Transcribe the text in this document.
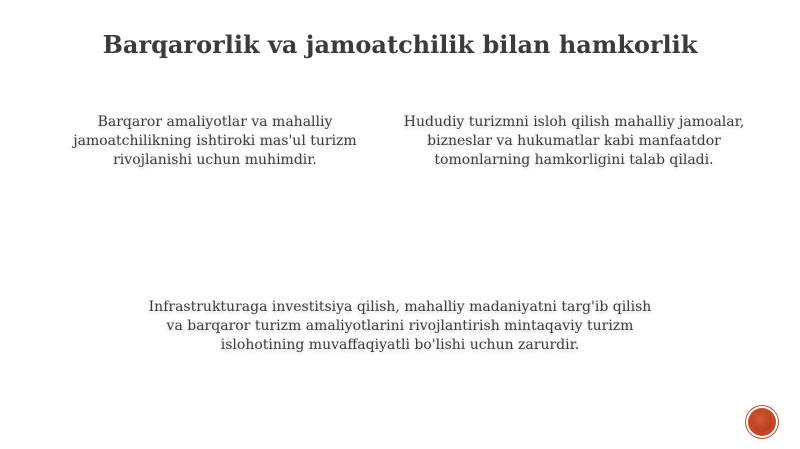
Barqarorlik va jamoatchilik bilan hamkorlik

Barqaror amaliyotlar va mahalliy jamoatchilikning ishtiroki mas'ul turizm rivojlanishi uchun muhimdir.

Hududiy turizmni isloh qilish mahalliy jamoalar, bizneslar va hukumatlar kabi manfaatdor tomonlarning hamkorligini talab qiladi.

Infrastrukturaga investitsiya qilish, mahalliy madaniyatni targ'ib qilish va barqaror turizm amaliyotlarini rivojlantirish mintaqaviy turizm islohotining muvaffaqiyatli bo'lishi uchun zarurdir.
